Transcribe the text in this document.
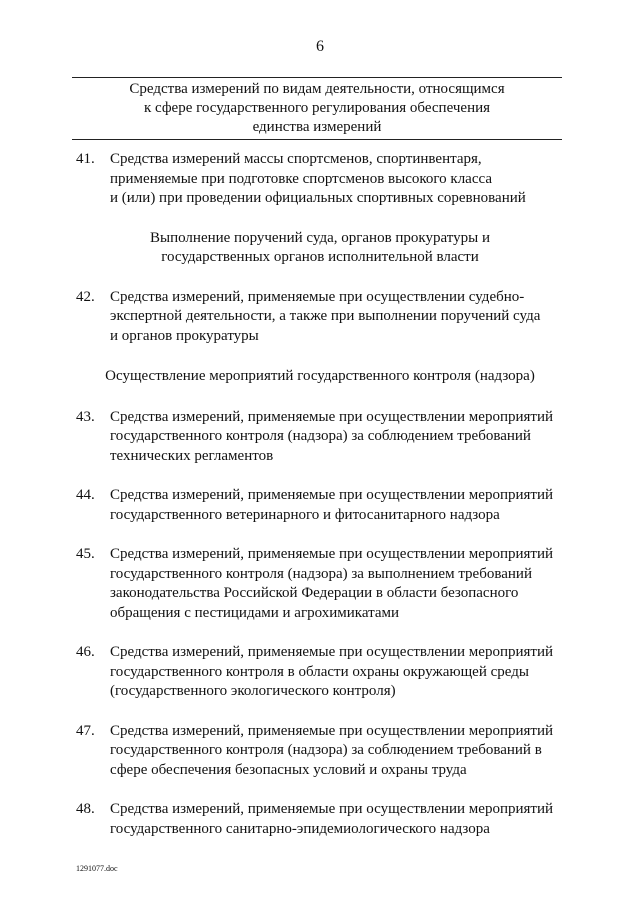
6
Средства измерений по видам деятельности, относящимся
к сфере государственного регулирования обеспечения
единства измерений
41.	Средства измерений массы спортсменов, спортинвентаря,
применяемые при подготовке спортсменов высокого класса
и (или) при проведении официальных спортивных соревнований
Выполнение поручений суда, органов прокуратуры и
государственных органов исполнительной власти
42.	Средства измерений, применяемые при осуществлении судебно-
экспертной деятельности, а также при выполнении поручений суда
и органов прокуратуры
Осуществление мероприятий государственного контроля (надзора)
43.	Средства измерений, применяемые при осуществлении мероприятий
государственного контроля (надзора) за соблюдением требований
технических регламентов
44.	Средства измерений, применяемые при осуществлении мероприятий
государственного ветеринарного и фитосанитарного надзора
45.	Средства измерений, применяемые при осуществлении мероприятий
государственного контроля (надзора) за выполнением требований
законодательства Российской Федерации в области безопасного
обращения с пестицидами и агрохимикатами
46.	Средства измерений, применяемые при осуществлении мероприятий
государственного контроля в области охраны окружающей среды
(государственного экологического контроля)
47.	Средства измерений, применяемые при осуществлении мероприятий
государственного контроля (надзора) за соблюдением требований в
сфере обеспечения безопасных условий и охраны труда
48.	Средства измерений, применяемые при осуществлении мероприятий
государственного санитарно-эпидемиологического надзора
1291077.doc
